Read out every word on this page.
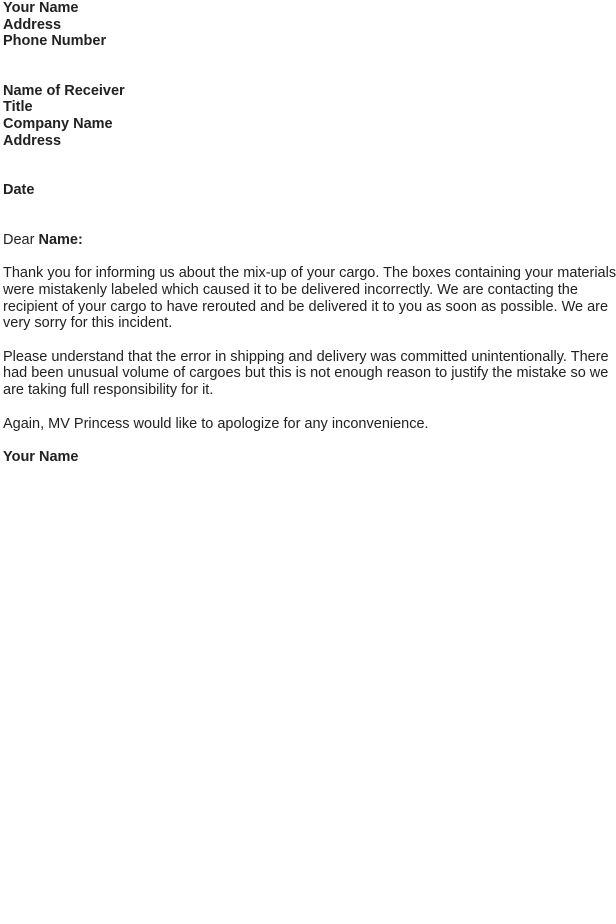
Your Name
Address
Phone Number
Name of Receiver
Title
Company Name
Address
Date
Dear Name:
Thank you for informing us about the mix-up of your cargo. The boxes containing your materials
were mistakenly labeled which caused it to be delivered incorrectly. We are contacting the
recipient of your cargo to have rerouted and be delivered it to you as soon as possible. We are
very sorry for this incident.
Please understand that the error in shipping and delivery was committed unintentionally. There
had been unusual volume of cargoes but this is not enough reason to justify the mistake so we
are taking full responsibility for it.
Again, MV Princess would like to apologize for any inconvenience.
Your Name
